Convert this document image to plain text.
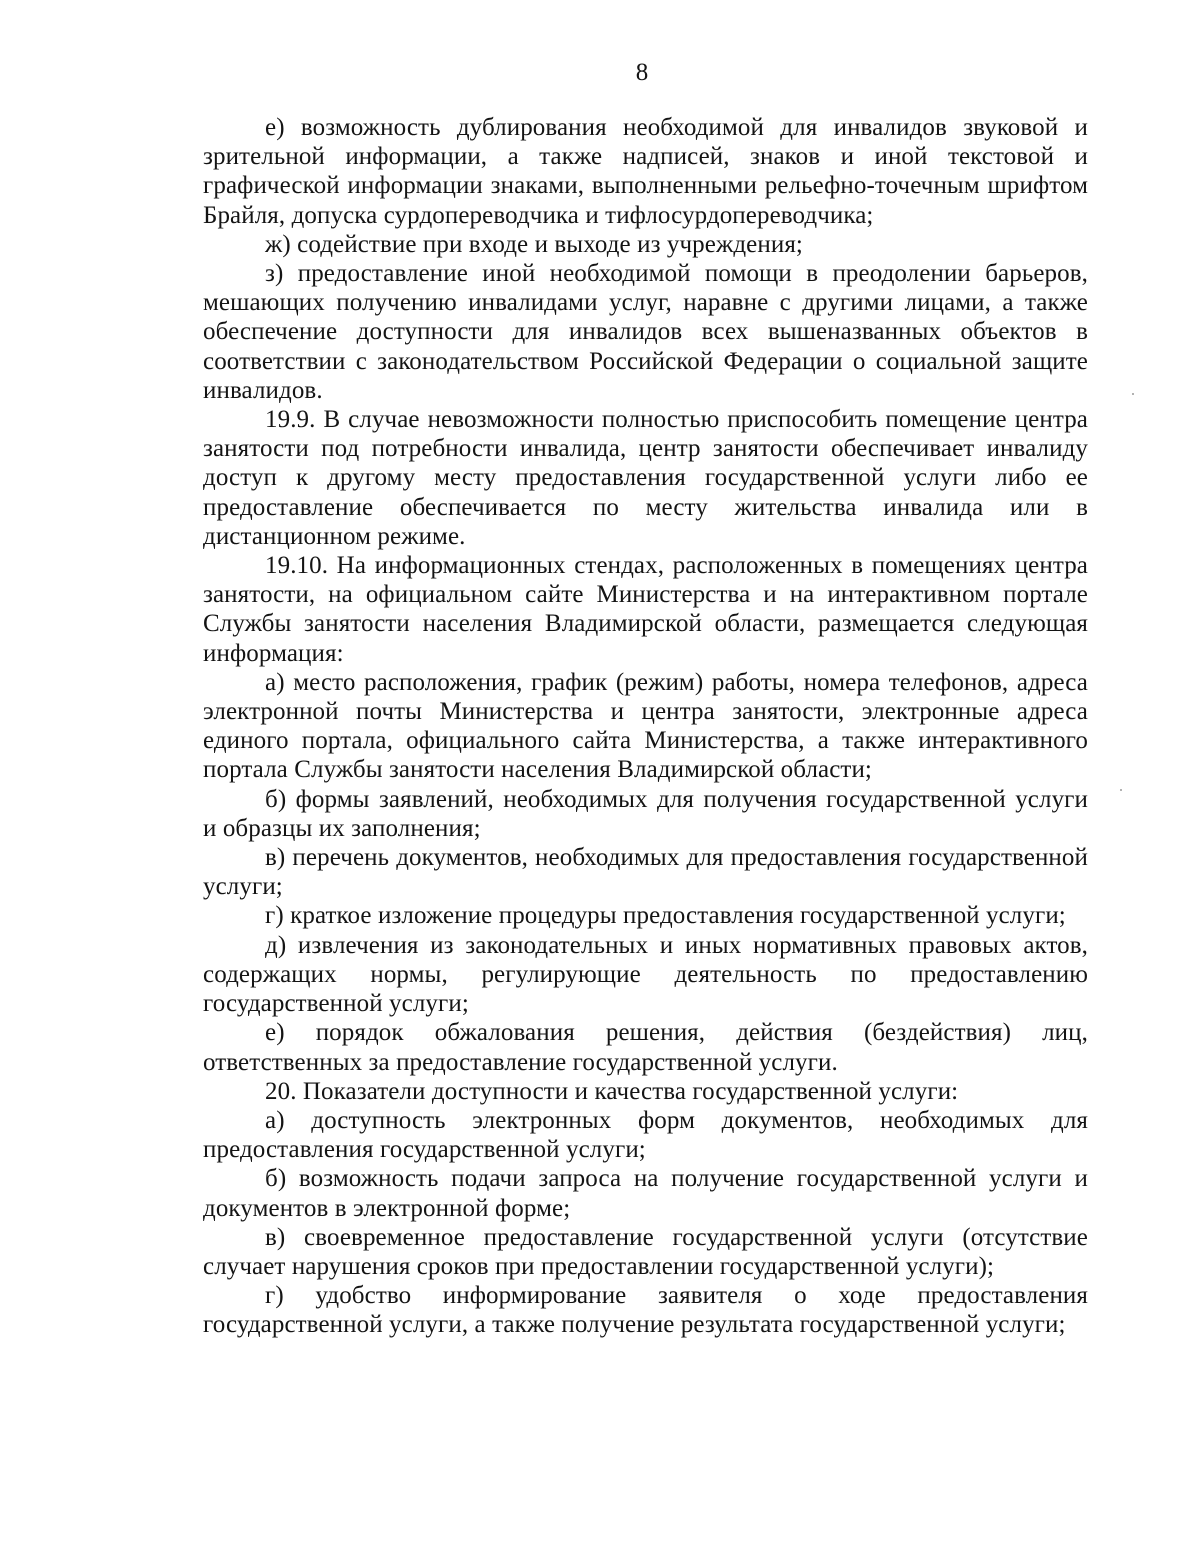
8

е) возможность дублирования необходимой для инвалидов звуковой и зрительной информации, а также надписей, знаков и иной текстовой и графической информации знаками, выполненными рельефно-точечным шрифтом Брайля, допуска сурдопереводчика и тифлосурдопереводчика;

ж) содействие при входе и выходе из учреждения;

з) предоставление иной необходимой помощи в преодолении барьеров, мешающих получению инвалидами услуг, наравне с другими лицами, а также обеспечение доступности для инвалидов всех вышеназванных объектов в соответствии с законодательством Российской Федерации о социальной защите инвалидов.

19.9. В случае невозможности полностью приспособить помещение центра занятости под потребности инвалида, центр занятости обеспечивает инвалиду доступ к другому месту предоставления государственной услуги либо ее предоставление обеспечивается по месту жительства инвалида или в дистанционном режиме.

19.10. На информационных стендах, расположенных в помещениях центра занятости, на официальном сайте Министерства и на интерактивном портале Службы занятости населения Владимирской области, размещается следующая информация:

а) место расположения, график (режим) работы, номера телефонов, адреса электронной почты Министерства и центра занятости, электронные адреса единого портала, официального сайта Министерства, а также интерактивного портала Службы занятости населения Владимирской области;

б) формы заявлений, необходимых для получения государственной услуги    и образцы их заполнения;

в) перечень документов, необходимых для предоставления государственной услуги;

г) краткое изложение процедуры предоставления государственной услуги;

д) извлечения из законодательных и иных нормативных правовых актов, содержащих нормы, регулирующие деятельность по предоставлению государственной услуги;

е) порядок обжалования решения, действия (бездействия) лиц, ответственных за предоставление государственной услуги.

20. Показатели доступности и качества государственной услуги:

а) доступность электронных форм документов, необходимых для предоставления государственной услуги;

б) возможность подачи запроса на получение государственной услуги и документов в электронной форме;

в) своевременное предоставление государственной услуги (отсутствие случает нарушения сроков при предоставлении государственной услуги);

г) удобство информирование заявителя о ходе предоставления государственной услуги, а также получение результата государственной услуги;
